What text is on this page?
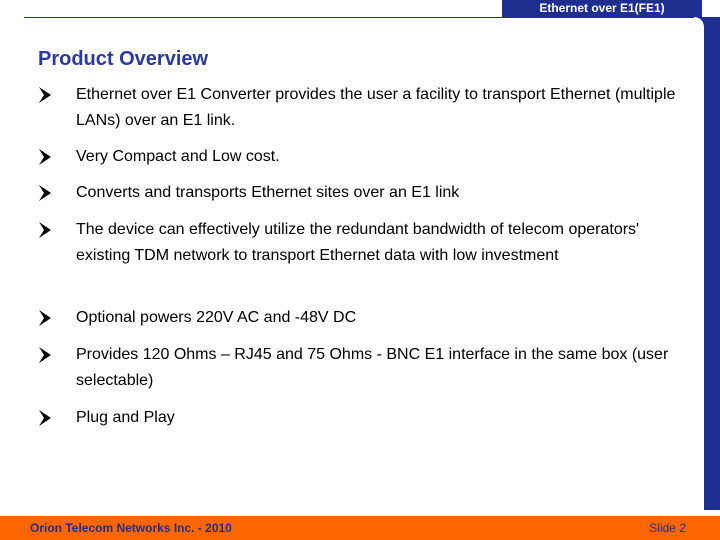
Ethernet over E1(FE1)
Product Overview
Ethernet over E1 Converter provides the user a facility to transport Ethernet (multiple LANs) over an E1 link.
Very Compact and Low cost.
Converts and transports Ethernet sites over an E1 link
The device can effectively utilize the redundant bandwidth of telecom operators' existing TDM network to transport Ethernet data with low investment
Optional powers 220V AC and -48V DC
Provides 120 Ohms – RJ45 and 75 Ohms - BNC E1 interface in the same box (user selectable)
Plug and Play
Orion Telecom Networks Inc. - 2010	Slide 2
